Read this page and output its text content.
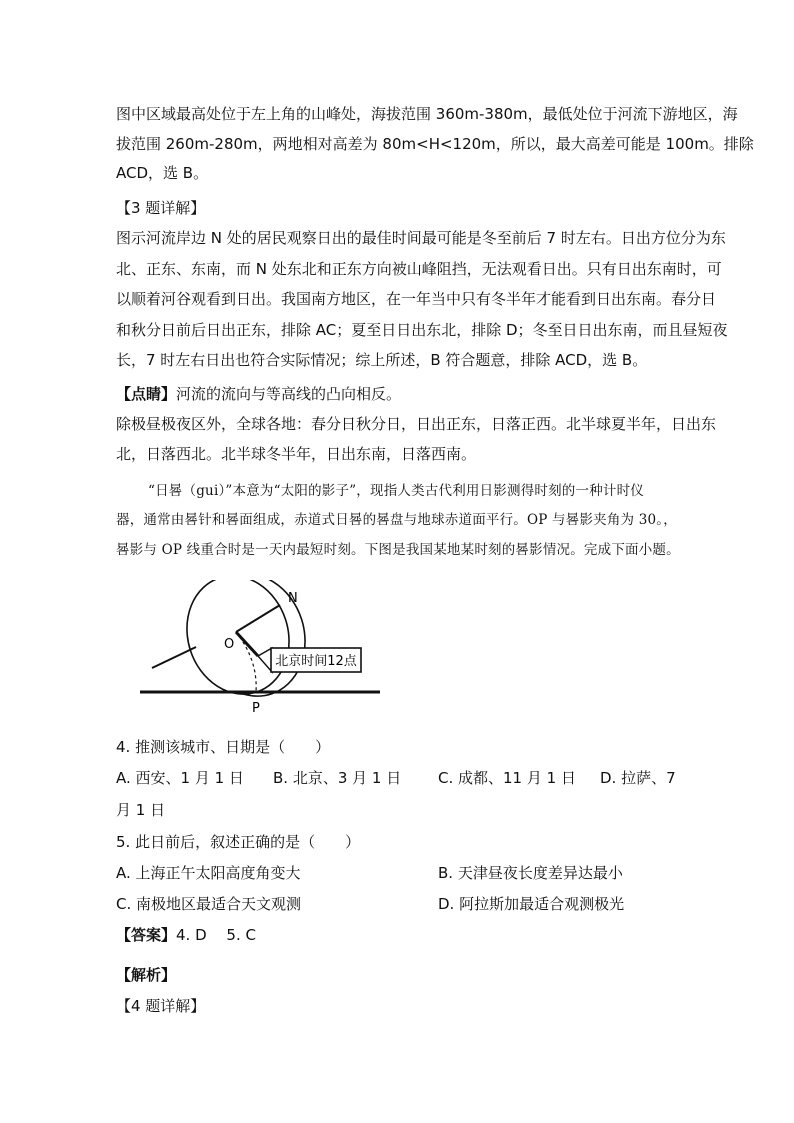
图中区域最高处位于左上角的山峰处，海拔范围 360m-380m，最低处位于河流下游地区，海
拔范围 260m-280m，两地相对高差为 80m<H<120m，所以，最大高差可能是 100m。排除
ACD，选 B。
【3 题详解】
图示河流岸边 N 处的居民观察日出的最佳时间最可能是冬至前后 7 时左右。日出方位分为东
北、正东、东南，而 N 处东北和正东方向被山峰阻挡，无法观看日出。只有日出东南时，可
以顺着河谷观看到日出。我国南方地区，在一年当中只有冬半年才能看到日出东南。春分日
和秋分日前后日出正东，排除 AC；夏至日日出东北，排除 D；冬至日日出东南，而且昼短夜
长，7 时左右日出也符合实际情况；综上所述，B 符合题意，排除 ACD，选 B。
【点睛】河流的流向与等高线的凸向相反。
除极昼极夜区外，全球各地：春分日秋分日，日出正东，日落正西。北半球夏半年，日出东
北，日落西北。北半球冬半年，日出东南，日落西南。
“日晷（gui）”本意为“太阳的影子”，现指人类古代利用日影测得时刻的一种计时仪
器，通常由晷针和晷面组成，赤道式日晷的晷盘与地球赤道面平行。OP 与晷影夹角为 30。，
晷影与 OP 线重合时是一天内最短时刻。下图是我国某地某时刻的晷影情况。完成下面小题。
北京时间12点
N
O
P
4. 推测该城市、日期是（　　）
A. 西安、1 月 1 日 B. 北京、3 月 1 日 C. 成都、11 月 1 日 D. 拉萨、7
月 1 日
5. 此日前后，叙述正确的是（　　）
A. 上海正午太阳高度角变大	B. 天津昼夜长度差异达最小
C. 南极地区最适合天文观测	D. 阿拉斯加最适合观测极光
【答案】4. D　 5. C
【解析】
【4 题详解】
